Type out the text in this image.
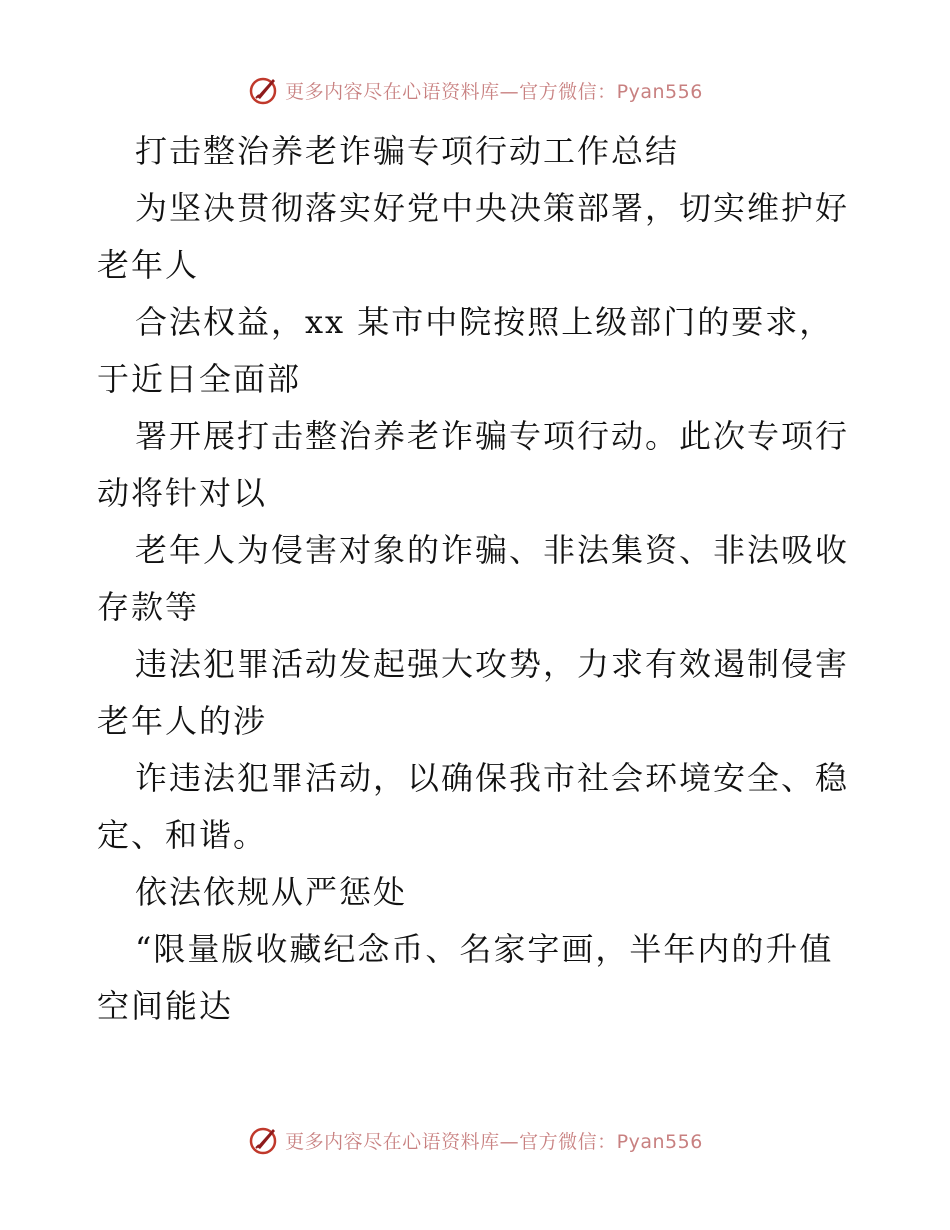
更多内容尽在心语资料库—官方微信：Pyan556
打击整治养老诈骗专项行动工作总结
为坚决贯彻落实好党中央决策部署，切实维护好
老年人
合法权益，xx 某市中院按照上级部门的要求，
于近日全面部
署开展打击整治养老诈骗专项行动。此次专项行
动将针对以
老年人为侵害对象的诈骗、非法集资、非法吸收
存款等
违法犯罪活动发起强大攻势，力求有效遏制侵害
老年人的涉
诈违法犯罪活动，以确保我市社会环境安全、稳
定、和谐。
依法依规从严惩处
“限量版收藏纪念币、名家字画，半年内的升值
空间能达
更多内容尽在心语资料库—官方微信：Pyan556
